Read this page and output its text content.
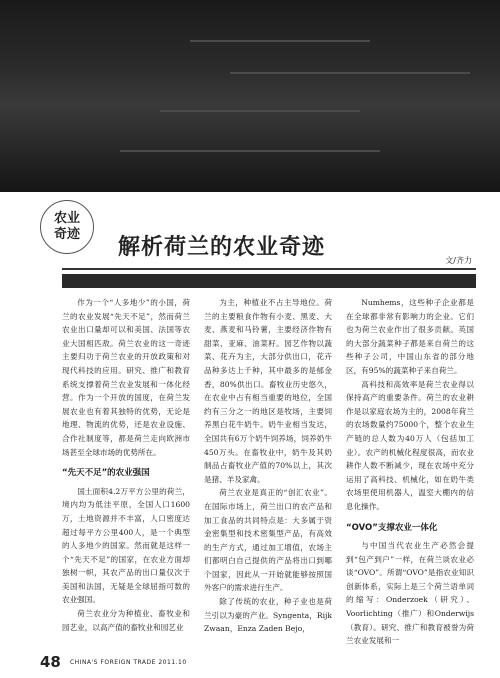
农业
奇迹
解析荷兰的农业奇迹
文/齐力

作为一个“人多地少”的小国，荷兰的农业发展“先天不足”，然而荷兰农业出口量却可以和美国、法国等农业大国相匹敌。荷兰农业的这一奇迹主要归功于荷兰农业的开放政策和对现代科技的应用。研究、推广和教育系统支撑着荷兰农业发展和一体化经营。作为一个开放的国度，在荷兰发展农业也有着其独特的优势，无论是地理、物流的优势，还是农业设施、合作社制度等，都是荷兰走向欧洲市场甚至全球市场的优势所在。

“先天不足”的农业强国

国土面积4.2万平方公里的荷兰，境内均为低洼平原，全国人口1600万，土地资源并不丰富，人口密度达超过每平方公里400人，是一个典型的人多地少的国家。然而就是这样一个“先天不足”的国家，在农业方面却独树一帜，其农产品的出口量仅次于美国和法国，无疑是全球屈指可数的农业强国。

荷兰农业分为种植业、畜牧业和园艺业，以高产值的畜牧业和园艺业

为主，种植业不占主导地位。荷兰的主要粮食作物有小麦、黑麦、大麦、燕麦和马铃薯，主要经济作物有甜菜、亚麻、油菜籽。园艺作物以蔬菜、花卉为主，大部分供出口，花卉品种多达上千种，其中最多的是郁金香，80%供出口。畜牧业历史悠久，在农业中占有相当重要的地位，全国约有三分之一的地区是牧场，主要饲养黑白花牛奶牛。奶牛业相当发达，全国共有6万个奶牛饲养场，饲养奶牛450万头。在畜牧业中，奶牛及其奶制品占畜牧业产值的70%以上，其次是猪、羊及家禽。

荷兰农业是真正的“创汇农业”。在国际市场上，荷兰出口的农产品和加工食品的共同特点是：大多属于资金密集型和技术密集型产品，有高效的生产方式，通过加工增值，农场主们都明白自己提供的产品将出口到哪个国家，因此从一开始就能够按照国外客户的需求进行生产。

除了传统的农业，种子业也是荷兰引以为豪的产业。Syngenta，Rijk Zwaan，Enza Zaden Bejo，

Numhems，这些种子企业都是在全球都非常有影响力的企业。它们也为荷兰农业作出了很多贡献。英国的大部分蔬菜种子都是来自荷兰的这些种子公司，中国山东省的部分地区，有95%的蔬菜种子来自荷兰。

高科技和高效率是荷兰农业得以保持高产的重要条件。荷兰的农业耕作是以家庭农场为主的，2008年荷兰的农场数量约75000个，整个农业生产链的总人数为40万人（包括加工业）。农产的机械化程度很高，而农业耕作人数不断减少，现在农场中充分运用了高科技、机械化，如在奶牛类农场里使用机器人，温室大棚内的信息化操作。

“OVO”支撑农业一体化

与中国当代农业生产必然会提到“包产到户”一样，在荷兰谈农业必谈“OVO”。所谓“OVO”是指农业知识创新体系，实际上是三个荷兰语单词的缩写：Onderzoek（研究）、Voorlichting（推广）和Onderwijs（教育）。研究、推广和教育被誉为荷兰农业发展和一

48 CHINA'S FOREIGN TRADE 2011.10
